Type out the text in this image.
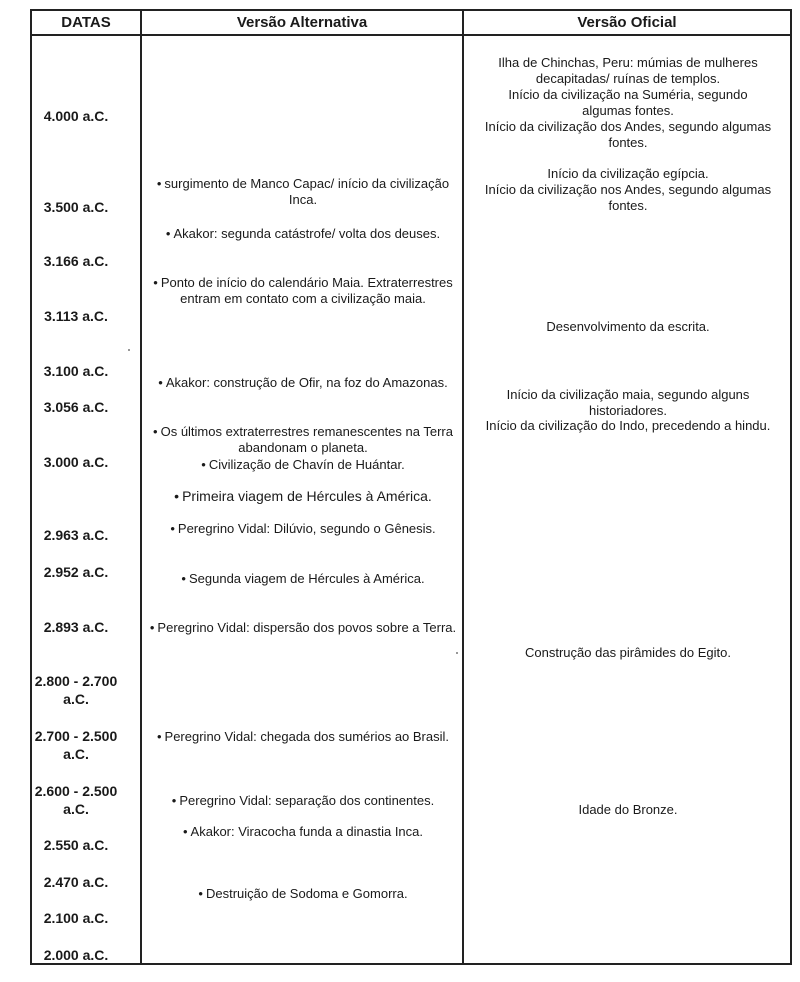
DATAS	Versão Alternativa	Versão Oficial
4.000 a.C.
3.500 a.C.
3.166 a.C.
3.113 a.C.
3.100 a.C.
3.056 a.C.
3.000 a.C.
2.963 a.C.
2.952 a.C.
2.893 a.C.
2.800 - 2.700 a.C.
2.700 - 2.500 a.C.
2.600 - 2.500 a.C.
2.550 a.C.
2.470 a.C.
2.100 a.C.
2.000 a.C.
• surgimento de Manco Capac/ início da civilização Inca.
• Akakor: segunda catástrofe/ volta dos deuses.
• Ponto de início do calendário Maia. Extraterrestres entram em contato com a civilização maia.
• Akakor: construção de Ofir, na foz do Amazonas.
• Os últimos extraterrestres remanescentes na Terra abandonam o planeta.
• Civilização de Chavín de Huántar.
• Primeira viagem de Hércules à América.
• Peregrino Vidal: Dilúvio, segundo o Gênesis.
• Segunda viagem de Hércules à América.
• Peregrino Vidal: dispersão dos povos sobre a Terra.
• Peregrino Vidal: chegada dos sumérios ao Brasil.
• Peregrino Vidal: separação dos continentes.
• Akakor: Viracocha funda a dinastia Inca.
• Destruição de Sodoma e Gomorra.
Ilha de Chinchas, Peru: múmias de mulheres decapitadas/ ruínas de templos.
Início da civilização na Suméria, segundo algumas fontes.
Início da civilização dos Andes, segundo algumas fontes.
Início da civilização egípcia.
Início da civilização nos Andes, segundo algumas fontes.
Desenvolvimento da escrita.
Início da civilização maia, segundo alguns historiadores.
Início da civilização do Indo, precedendo a hindu.
Construção das pirâmides do Egito.
Idade do Bronze.
